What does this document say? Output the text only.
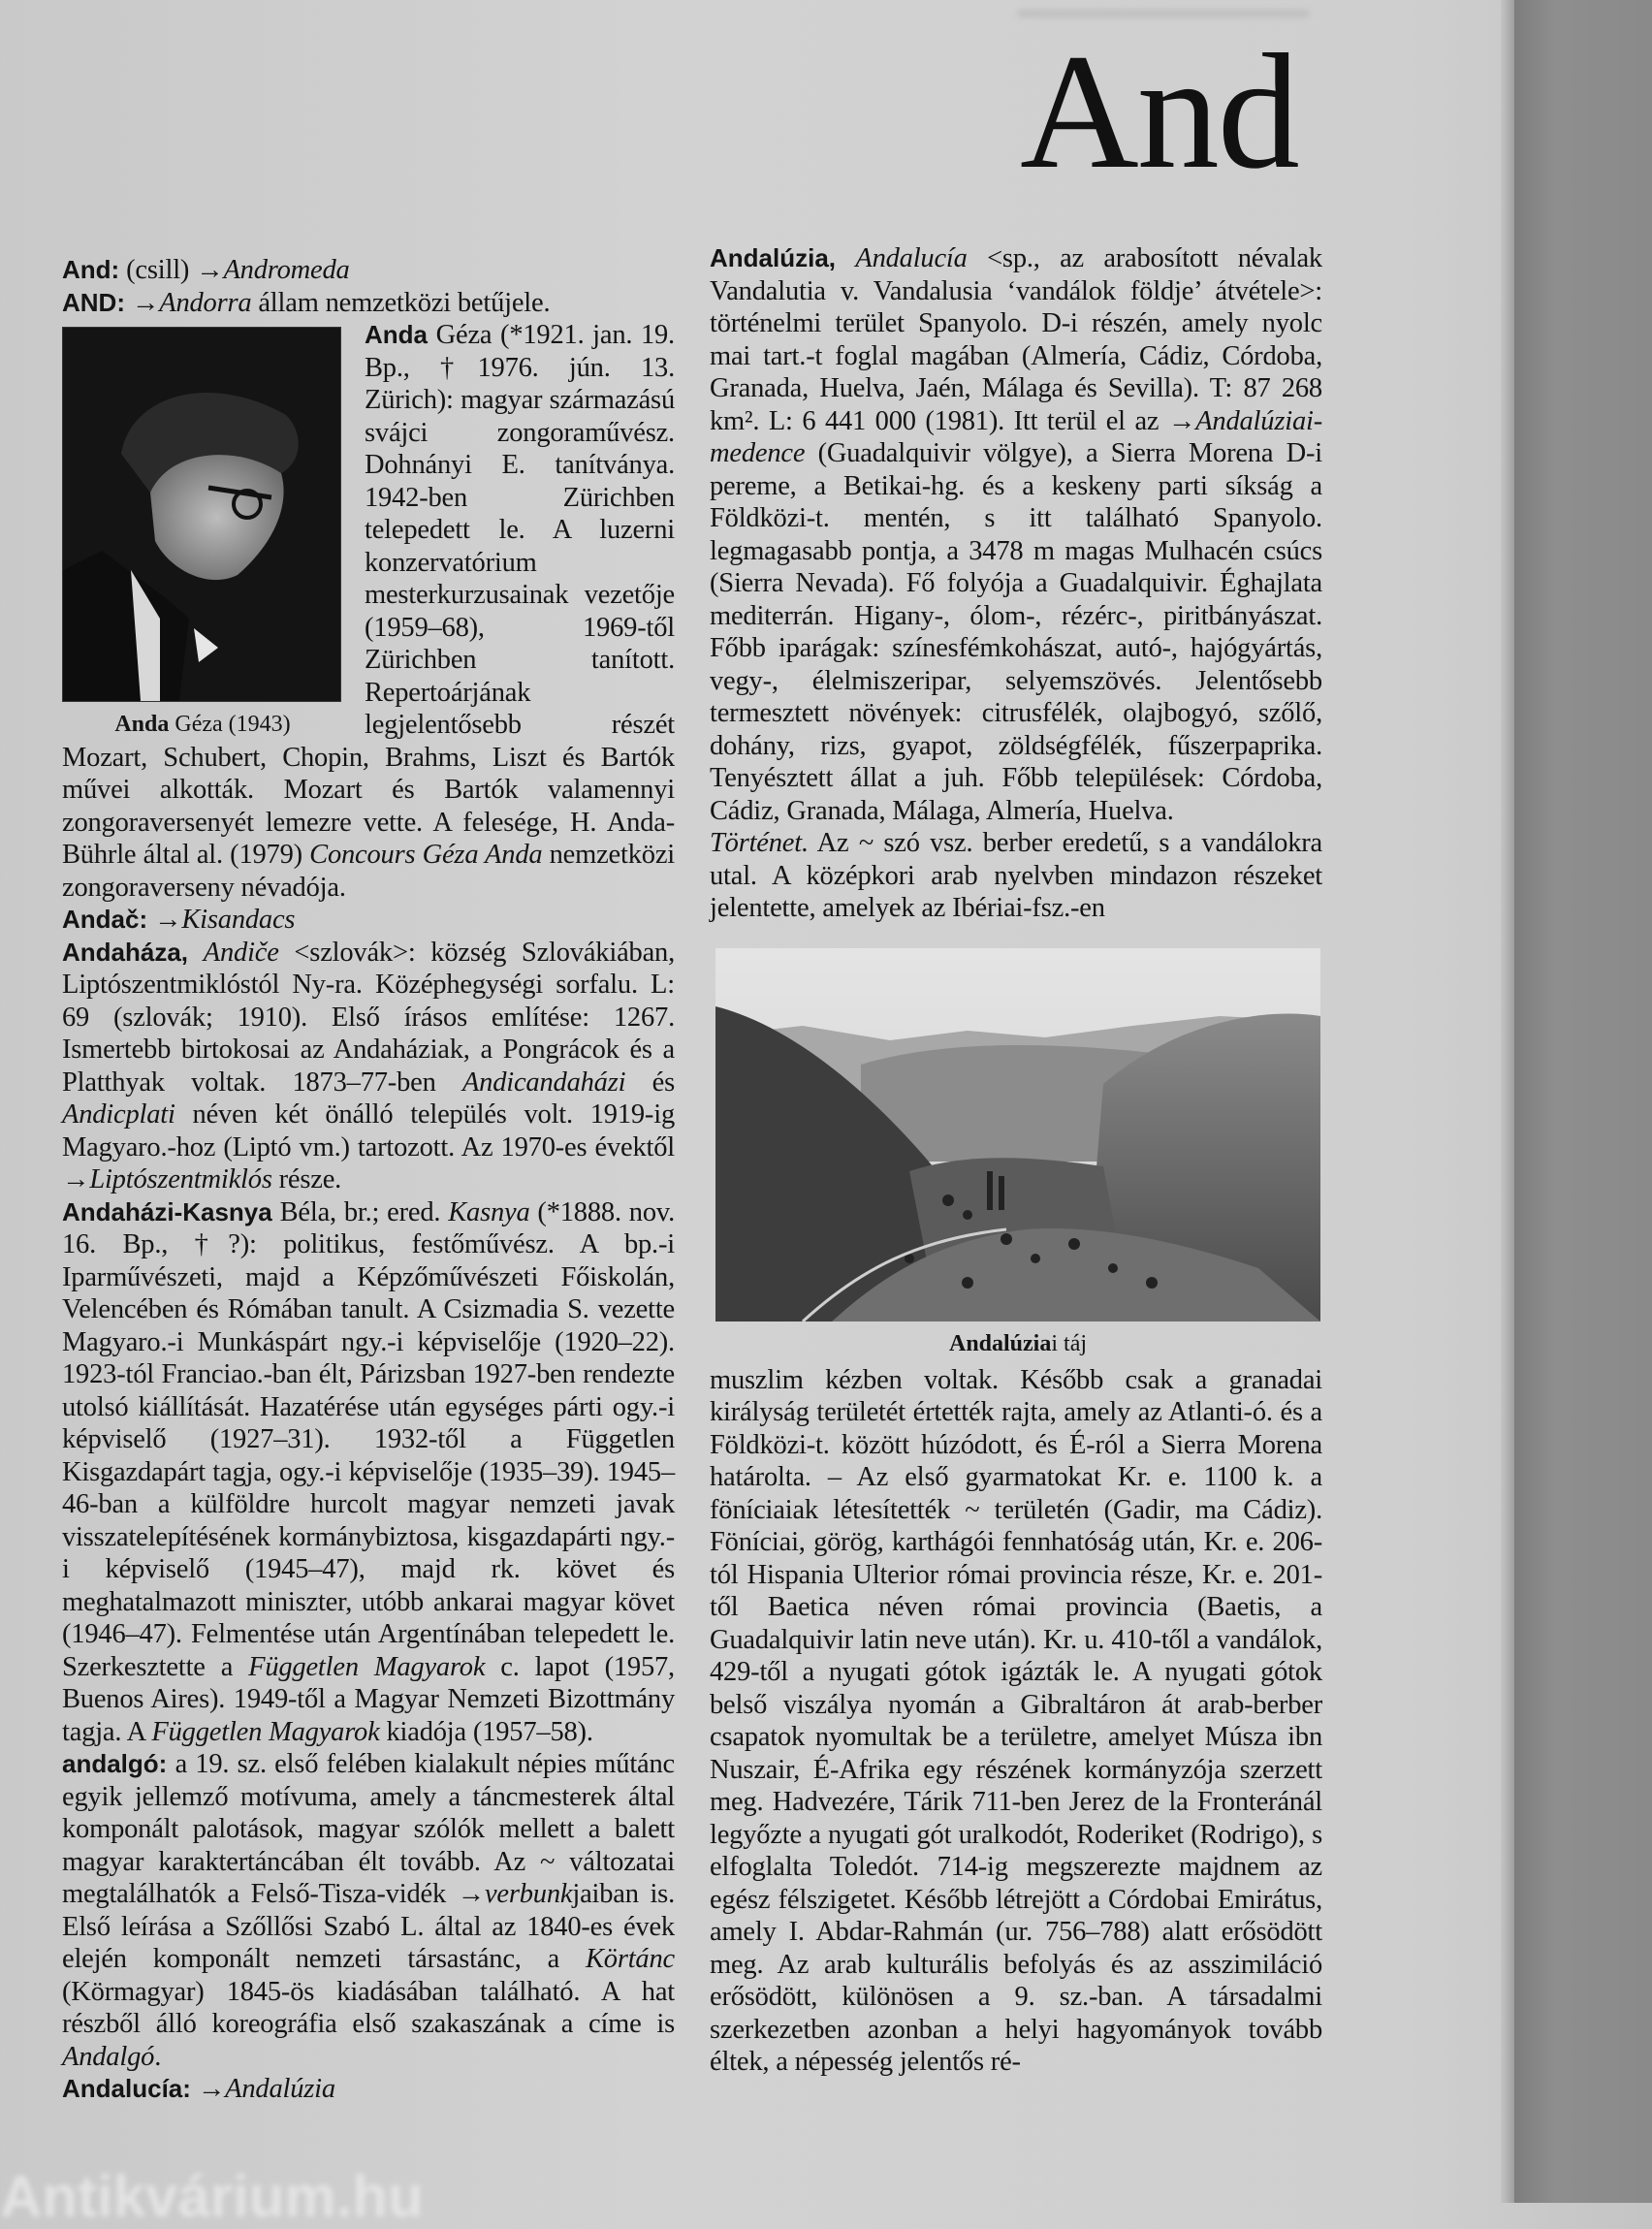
And
And: (csill) →Andromeda
AND: →Andorra állam nemzetközi betűjele.
Anda Géza (1943)
Anda Géza (*1921. jan. 19. Bp., †1976. jún. 13. Zürich): magyar származású svájci zongoraművész. Dohnányi E. tanítványa. 1942-ben Zürichben telepedett le. A luzerni konzervatórium mesterkurzusainak vezetője (1959–68), 1969-től Zürichben tanított. Repertoárjának legjelentősebb részét Mozart, Schubert, Chopin, Brahms, Liszt és Bartók művei alkották. Mozart és Bartók valamennyi zongoraversenyét lemezre vette. A felesége, H. Anda-Bührle által al. (1979) Concours Géza Anda nemzetközi zongoraverseny névadója.
Andač: →Kisandacs
Andaháza, Andiče <szlovák>: község Szlovákiában, Liptószentmiklóstól Ny-ra. Középhegységi sorfalu. L: 69 (szlovák; 1910). Első írásos említése: 1267. Ismertebb birtokosai az Andaháziak, a Pongrácok és a Platthyak voltak. 1873–77-ben Andicandaházi és Andicplati néven két önálló település volt. 1919-ig Magyaro.-hoz (Liptó vm.) tartozott. Az 1970-es évektől →Liptószentmiklós része.
Andaházi-Kasnya Béla, br.; ered. Kasnya (*1888. nov. 16. Bp., †?): politikus, festőművész. A bp.-i Iparművészeti, majd a Képzőművészeti Főiskolán, Velencében és Rómában tanult. A Csizmadia S. vezette Magyaro.-i Munkáspárt ngy.-i képviselője (1920–22). 1923-tól Franciao.-ban élt, Párizsban 1927-ben rendezte utolsó kiállítását. Hazatérése után egységes párti ogy.-i képviselő (1927–31). 1932-től a Független Kisgazdapárt tagja, ogy.-i képviselője (1935–39). 1945–46-ban a külföldre hurcolt magyar nemzeti javak visszatelepítésének kormánybiztosa, kisgazdapárti ngy.-i képviselő (1945–47), majd rk. követ és meghatalmazott miniszter, utóbb ankarai magyar követ (1946–47). Felmentése után Argentínában telepedett le. Szerkesztette a Független Magyarok c. lapot (1957, Buenos Aires). 1949-től a Magyar Nemzeti Bizottmány tagja. A Független Magyarok kiadója (1957–58).
andalgó: a 19. sz. első felében kialakult népies műtánc egyik jellemző motívuma, amely a táncmesterek által komponált palotások, magyar szólók mellett a balett magyar karaktertáncában élt tovább. Az ~ változatai megtalálhatók a Felső-Tisza-vidék →verbunkjaiban is. Első leírása a Szőllősi Szabó L. által az 1840-es évek elején komponált nemzeti társastánc, a Körtánc (Körmagyar) 1845-ös kiadásában található. A hat részből álló koreográfia első szakaszának a címe is Andalgó.
Andalucía: →Andalúzia
Andalúzia, Andalucía <sp., az arabosított névalak Vandalutia v. Vandalusia ‘vandálok földje’ átvétele>: történelmi terület Spanyolo. D-i részén, amely nyolc mai tart.-t foglal magában (Almería, Cádiz, Córdoba, Granada, Huelva, Jaén, Málaga és Sevilla). T: 87 268 km². L: 6 441 000 (1981). Itt terül el az →Andalúziai-medence (Guadalquivir völgye), a Sierra Morena D-i pereme, a Betikai-hg. és a keskeny parti síkság a Földközi-t. mentén, s itt található Spanyolo. legmagasabb pontja, a 3478 m magas Mulhacén csúcs (Sierra Nevada). Fő folyója a Guadalquivir. Éghajlata mediterrán. Higany-, ólom-, rézérc-, piritbányászat. Főbb iparágak: színesfémkohászat, autó-, hajógyártás, vegy-, élelmiszeripar, selyemszövés. Jelentősebb termesztett növények: citrusfélék, olajbogyó, szőlő, dohány, rizs, gyapot, zöldségfélék, fűszerpaprika. Tenyésztett állat a juh. Főbb települések: Córdoba, Cádiz, Granada, Málaga, Almería, Huelva.
Történet. Az ~ szó vsz. berber eredetű, s a vandálokra utal. A középkori arab nyelvben mindazon részeket jelentette, amelyek az Ibériai-fsz.-en
Andalúziai táj
muszlim kézben voltak. Később csak a granadai királyság területét értették rajta, amely az Atlanti-ó. és a Földközi-t. között húzódott, és É-ról a Sierra Morena határolta. – Az első gyarmatokat Kr. e. 1100 k. a föníciaiak létesítették ~ területén (Gadir, ma Cádiz). Föníciai, görög, karthágói fennhatóság után, Kr. e. 206-tól Hispania Ulterior római provincia része, Kr. e. 201-től Baetica néven római provincia (Baetis, a Guadalquivir latin neve után). Kr. u. 410-től a vandálok, 429-től a nyugati gótok igázták le. A nyugati gótok belső viszálya nyomán a Gibraltáron át arab-berber csapatok nyomultak be a területre, amelyet Músza ibn Nuszair, É-Afrika egy részének kormányzója szerzett meg. Hadvezére, Tárik 711-ben Jerez de la Fronteránál legyőzte a nyugati gót uralkodót, Roderiket (Rodrigo), s elfoglalta Toledót. 714-ig megszerezte majdnem az egész félszigetet. Később létrejött a Córdobai Emirátus, amely I. Abdar-Rahmán (ur. 756–788) alatt erősödött meg. Az arab kulturális befolyás és az asszimiláció erősödött, különösen a 9. sz.-ban. A társadalmi szerkezetben azonban a helyi hagyományok tovább éltek, a népesség jelentős ré-
Antikvárium.hu
